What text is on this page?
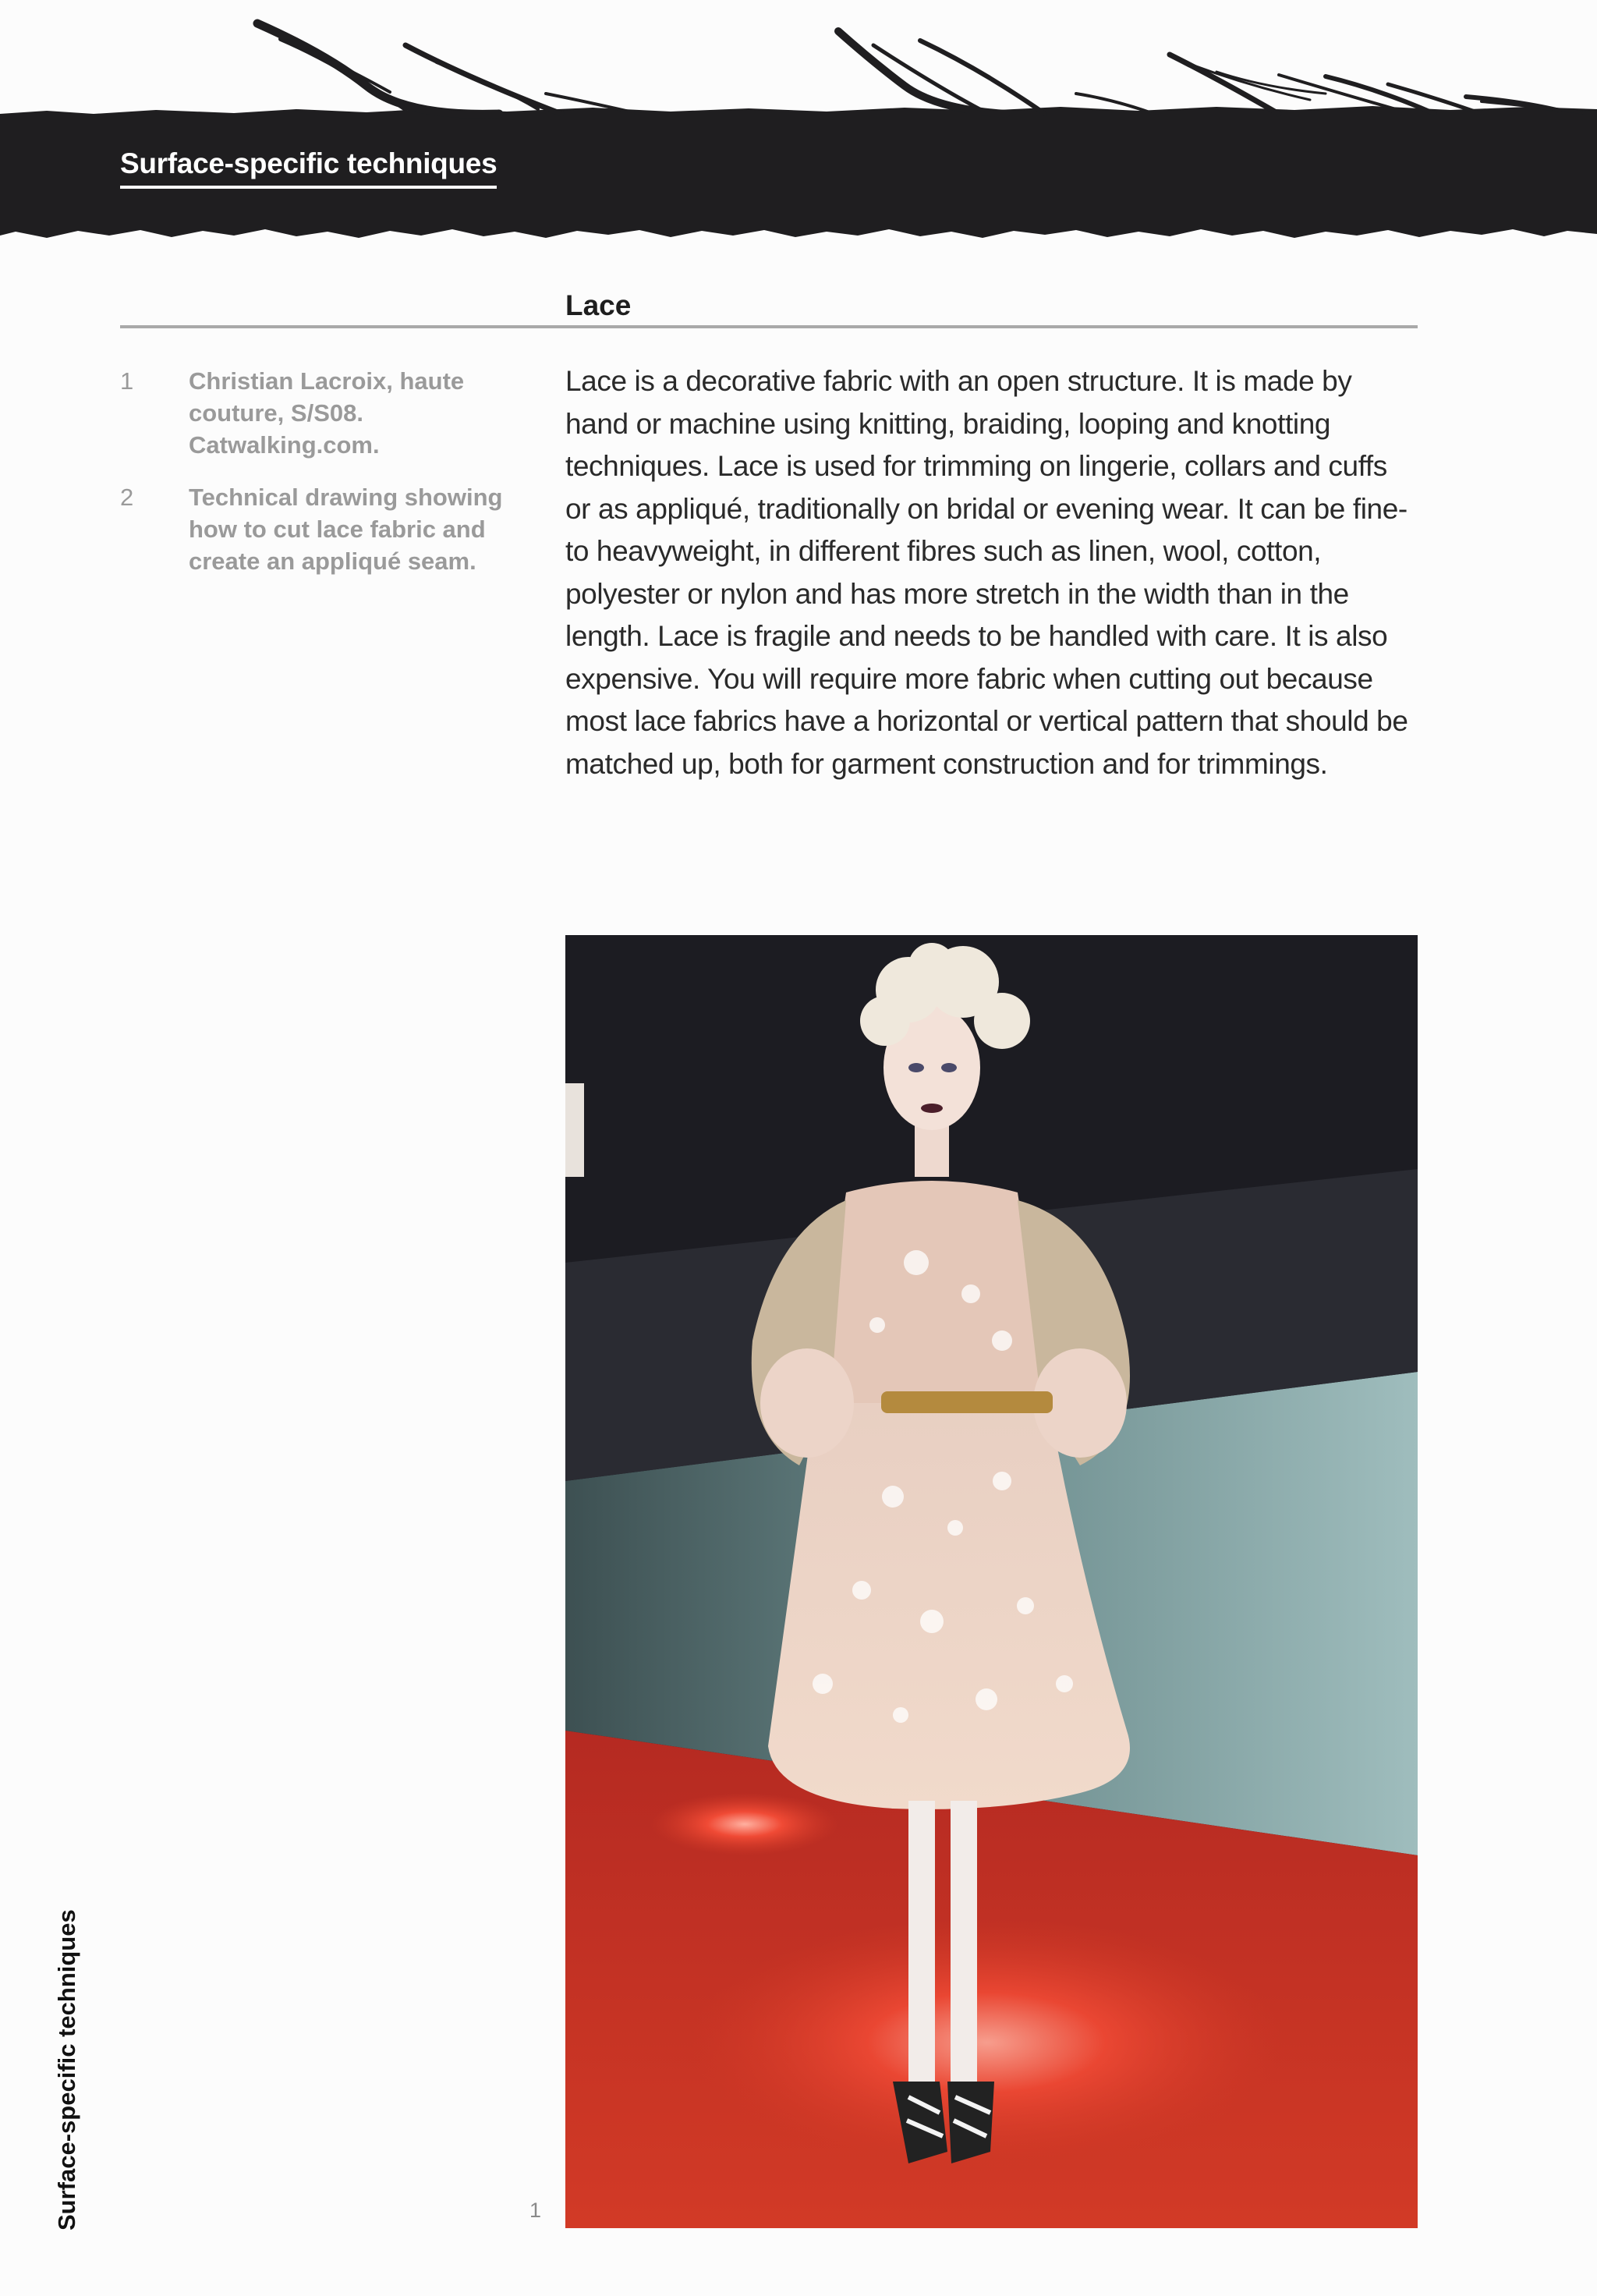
Surface-specific techniques
Lace
1 Christian Lacroix, haute couture, S/S08. Catwalking.com.
2 Technical drawing showing how to cut lace fabric and create an appliqué seam.
Lace is a decorative fabric with an open structure. It is made by hand or machine using knitting, braiding, looping and knotting techniques. Lace is used for trimming on lingerie, collars and cuffs or as appliqué, traditionally on bridal or evening wear. It can be fine- to heavyweight, in different fibres such as linen, wool, cotton, polyester or nylon and has more stretch in the width than in the length. Lace is fragile and needs to be handled with care. It is also expensive. You will require more fabric when cutting out because most lace fabrics have a horizontal or vertical pattern that should be matched up, both for garment construction and for trimmings.
1
Surface-specific techniques
